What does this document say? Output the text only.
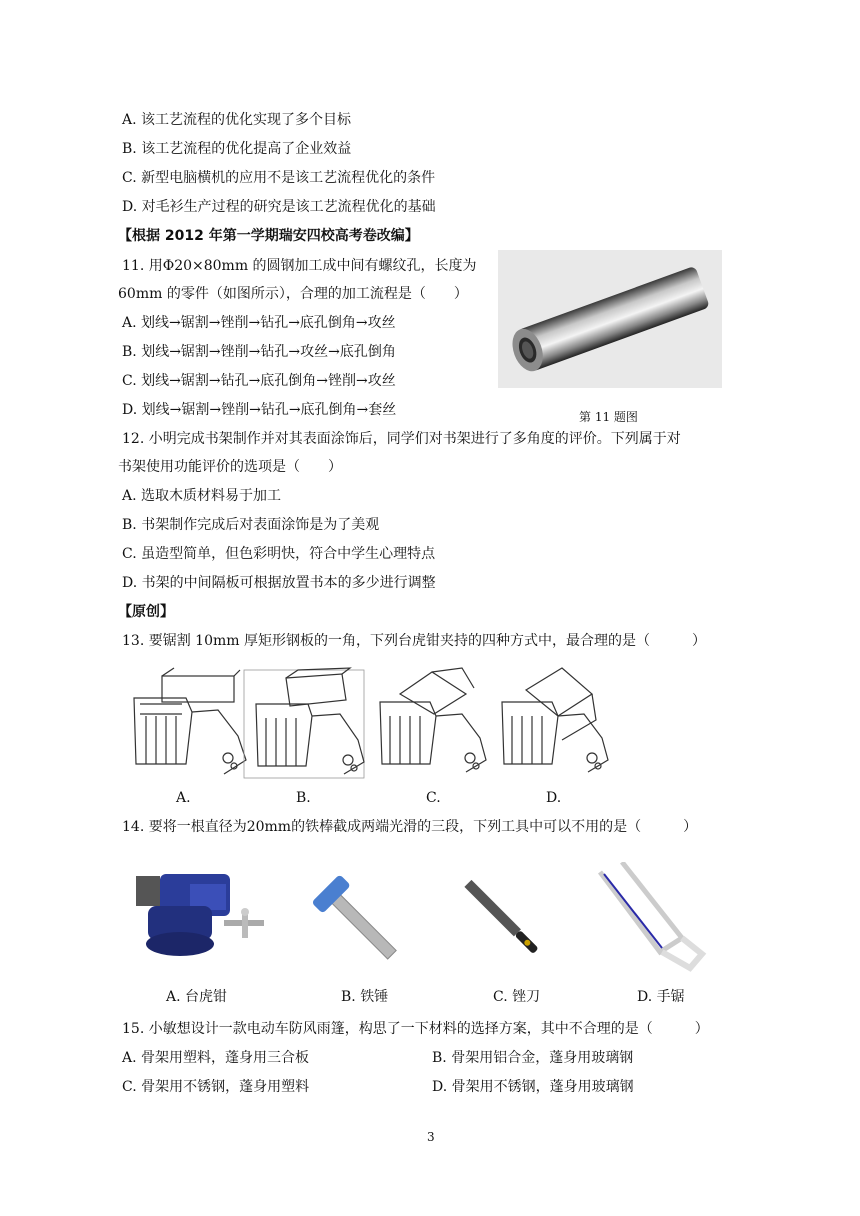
A. 该工艺流程的优化实现了多个目标
B. 该工艺流程的优化提高了企业效益
C. 新型电脑横机的应用不是该工艺流程优化的条件
D. 对毛衫生产过程的研究是该工艺流程优化的基础
【根据 2012 年第一学期瑞安四校高考卷改编】
11. 用Φ20×80mm 的圆钢加工成中间有螺纹孔，长度为
60mm 的零件（如图所示），合理的加工流程是（　　）
A. 划线→锯割→锉削→钻孔→底孔倒角→攻丝
B. 划线→锯割→锉削→钻孔→攻丝→底孔倒角
C. 划线→锯割→钻孔→底孔倒角→锉削→攻丝
D. 划线→锯割→锉削→钻孔→底孔倒角→套丝	第 11 题图
12. 小明完成书架制作并对其表面涂饰后，同学们对书架进行了多角度的评价。下列属于对
书架使用功能评价的选项是（　　）
A. 选取木质材料易于加工
B. 书架制作完成后对表面涂饰是为了美观
C. 虽造型简单，但色彩明快，符合中学生心理特点
D. 书架的中间隔板可根据放置书本的多少进行调整
【原创】
13. 要锯割 10mm 厚矩形钢板的一角，下列台虎钳夹持的四种方式中，最合理的是（　　　）
A.	B.	C.	D.
14. 要将一根直径为20mm的铁棒截成两端光滑的三段，下列工具中可以不用的是（　　　）
A. 台虎钳	B. 铁锤	C. 锉刀	D. 手锯
15. 小敏想设计一款电动车防风雨篷，构思了一下材料的选择方案，其中不合理的是（　　　）
A. 骨架用塑料，蓬身用三合板	B. 骨架用铝合金，蓬身用玻璃钢
C. 骨架用不锈钢，蓬身用塑料	D. 骨架用不锈钢，蓬身用玻璃钢
3
